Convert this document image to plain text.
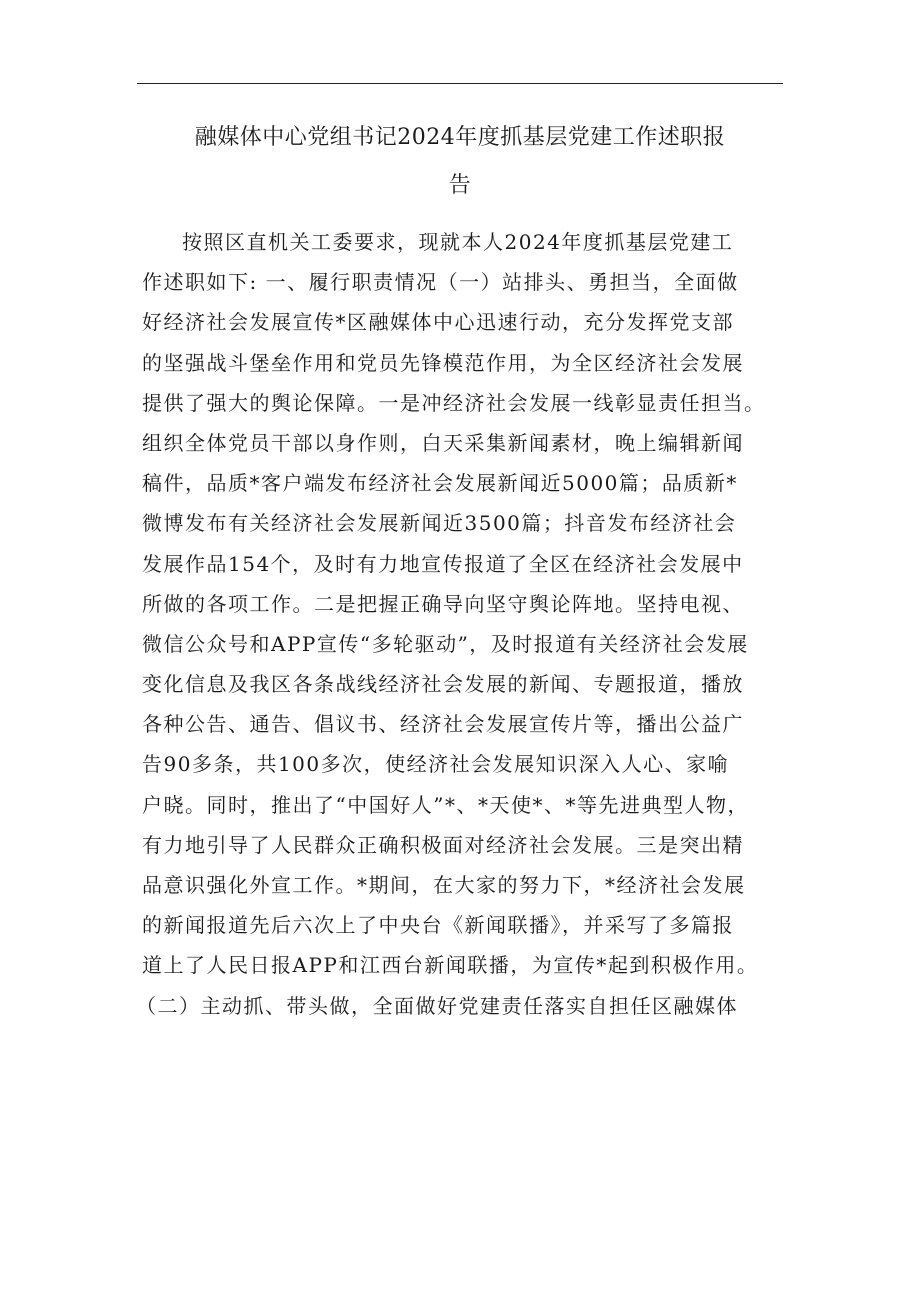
融媒体中心党组书记2024年度抓基层党建工作述职报
告
按照区直机关工委要求，现就本人2024年度抓基层党建工
作述职如下: 一、履行职责情况（一）站排头、勇担当，全面做
好经济社会发展宣传*区融媒体中心迅速行动，充分发挥党支部
的坚强战斗堡垒作用和党员先锋模范作用，为全区经济社会发展
提供了强大的舆论保障。一是冲经济社会发展一线彰显责任担当。
组织全体党员干部以身作则，白天采集新闻素材，晚上编辑新闻
稿件，品质*客户端发布经济社会发展新闻近5000篇；品质新*
微博发布有关经济社会发展新闻近3500篇；抖音发布经济社会
发展作品154个，及时有力地宣传报道了全区在经济社会发展中
所做的各项工作。二是把握正确导向坚守舆论阵地。坚持电视、
微信公众号和APP宣传“多轮驱动”，及时报道有关经济社会发展
变化信息及我区各条战线经济社会发展的新闻、专题报道，播放
各种公告、通告、倡议书、经济社会发展宣传片等，播出公益广
告90多条，共100多次，使经济社会发展知识深入人心、家喻
户晓。同时，推出了“中国好人”*、*天使*、*等先进典型人物，
有力地引导了人民群众正确积极面对经济社会发展。三是突出精
品意识强化外宣工作。*期间，在大家的努力下，*经济社会发展
的新闻报道先后六次上了中央台《新闻联播》，并采写了多篇报
道上了人民日报APP和江西台新闻联播，为宣传*起到积极作用。
（二）主动抓、带头做，全面做好党建责任落实自担任区融媒体
